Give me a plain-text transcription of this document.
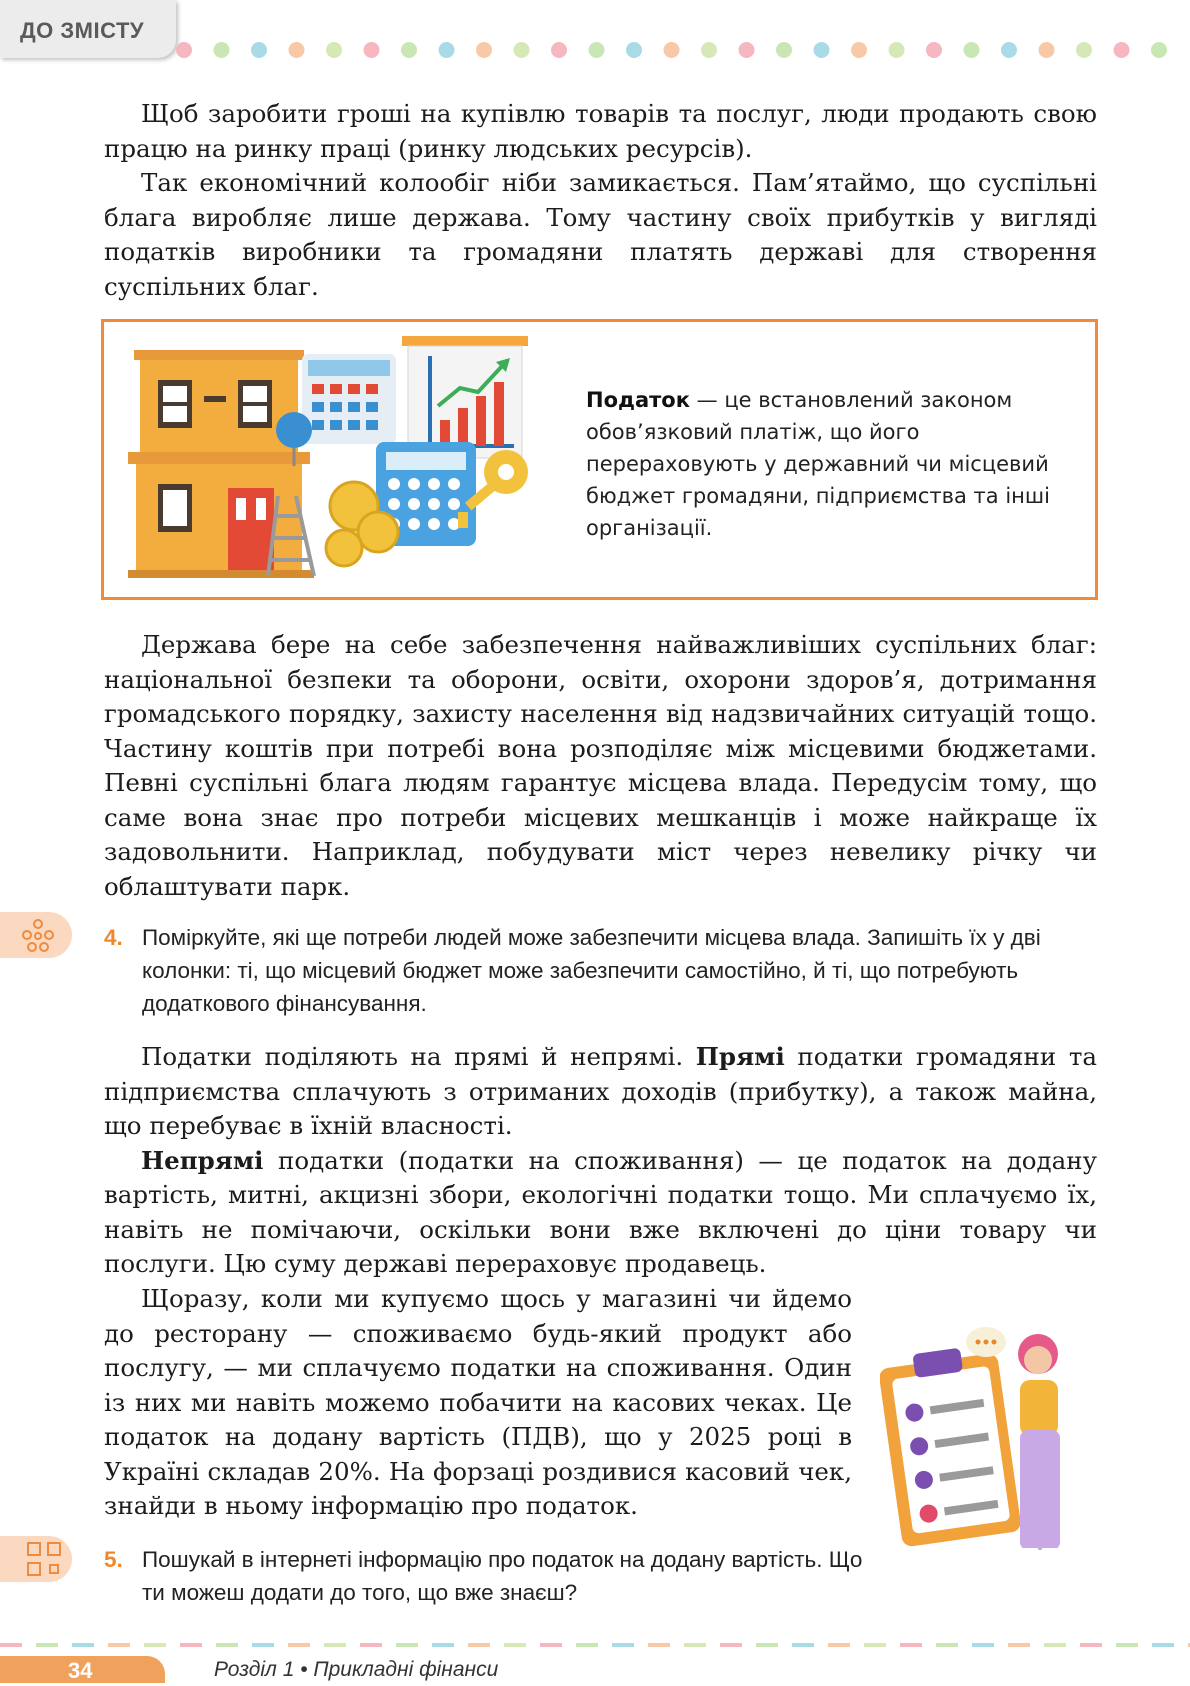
ДО ЗМІСТУ

Щоб заробити гроші на купівлю товарів та послуг, люди продають свою працю на ринку праці (ринку людських ресурсів).

Так економічний колообіг ніби замикається. Пам’ятаймо, що суспільні блага виробляє лише держава. Тому частину своїх прибутків у вигляді податків виробники та громадяни платять державі для створення суспільних благ.

Податок — це встановлений законом обов’язковий платіж, що його перераховують у державний чи місцевий бюджет громадяни, підприємства та інші організації.

Держава бере на себе забезпечення найважливіших суспільних благ: національної безпеки та оборони, освіти, охорони здоров’я, дотримання громадського порядку, захисту населення від надзвичайних ситуацій тощо. Частину коштів при потребі вона розподіляє між місцевими бюджетами. Певні суспільні блага людям гарантує місцева влада. Передусім тому, що саме вона знає про потреби місцевих мешканців і може найкраще їх задовольнити. Наприклад, побудувати міст через невелику річку чи облаштувати парк.

4. Поміркуйте, які ще потреби людей може забезпечити місцева влада. Запишіть їх у дві колонки: ті, що місцевий бюджет може забезпечити самостійно, й ті, що потребують додаткового фінансування.

Податки поділяють на прямі й непрямі. Прямі податки громадяни та підприємства сплачують з отриманих доходів (прибутку), а також майна, що перебуває в їхній власності.

Непрямі податки (податки на споживання) — це податок на додану вартість, митні, акцизні збори, екологічні податки тощо. Ми сплачуємо їх, навіть не помічаючи, оскільки вони вже включені до ціни товару чи послуги. Цю суму державі перераховує продавець.

Щоразу, коли ми купуємо щось у магазині чи йдемо до ресторану — споживаємо будь-який продукт або послугу, — ми сплачуємо податки на споживання. Один із них ми навіть можемо побачити на касових чеках. Це податок на додану вартість (ПДВ), що у 2025 році в Україні складав 20%. На форзаці роздивися касовий чек, знайди в ньому інформацію про податок.

5. Пошукай в інтернеті інформацію про податок на додану вартість. Що ти можеш додати до того, що вже знаєш?
34	Розділ 1 • Прикладні фінанси
